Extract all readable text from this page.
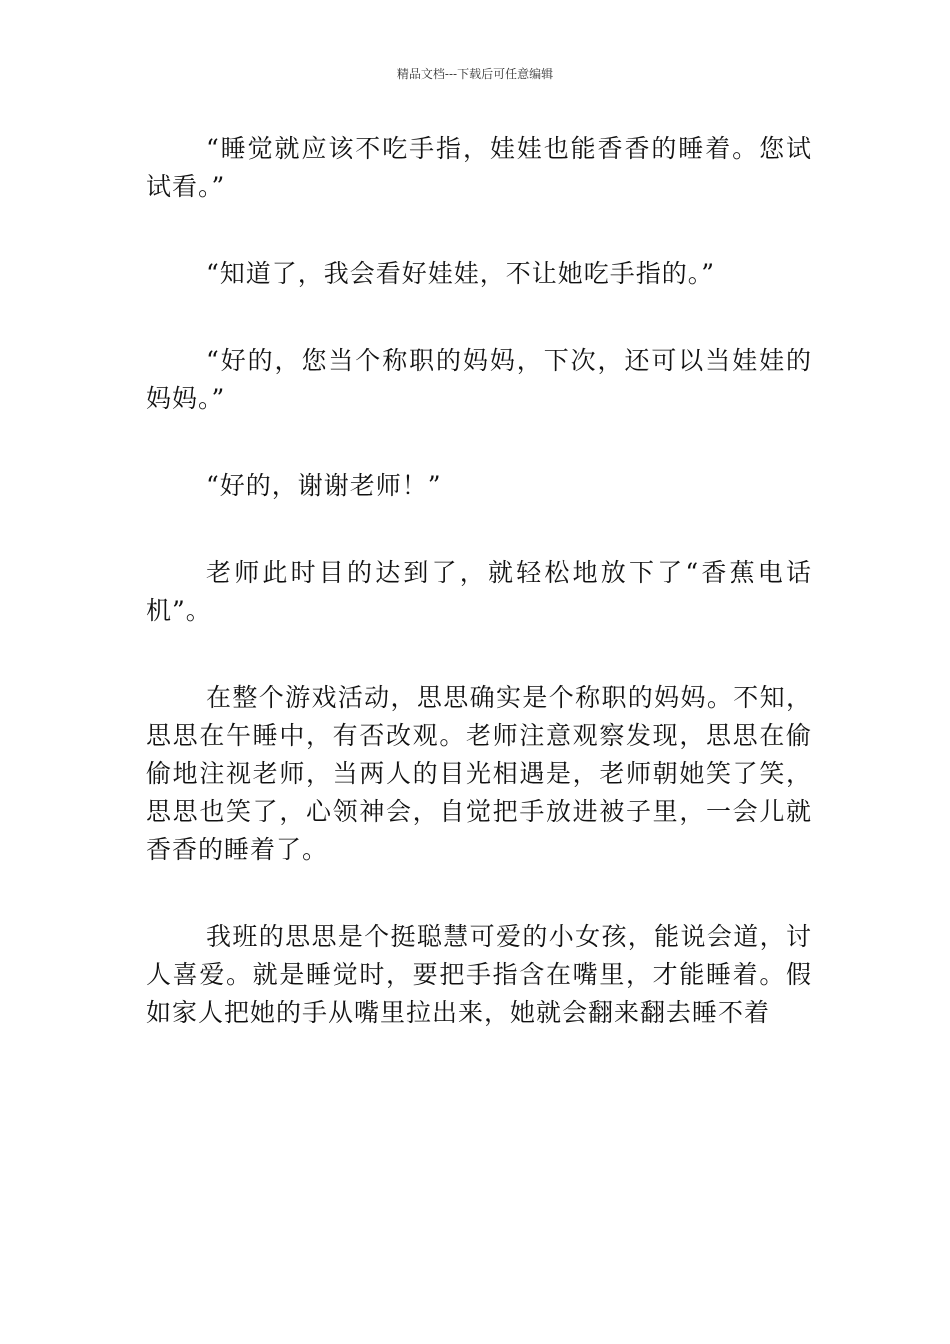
精品文档---下载后可任意编辑

“睡觉就应该不吃手指，娃娃也能香香的睡着。您试试看。”

“知道了，我会看好娃娃，不让她吃手指的。”

“好的，您当个称职的妈妈，下次，还可以当娃娃的妈妈。”

“好的，谢谢老师！”

老师此时目的达到了，就轻松地放下了“香蕉电话机”。

在整个游戏活动，思思确实是个称职的妈妈。不知，思思在午睡中，有否改观。老师注意观察发现，思思在偷偷地注视老师，当两人的目光相遇是，老师朝她笑了笑，思思也笑了，心领神会，自觉把手放进被子里，一会儿就香香的睡着了。

我班的思思是个挺聪慧可爱的小女孩，能说会道，讨人喜爱。就是睡觉时，要把手指含在嘴里，才能睡着。假如家人把她的手从嘴里拉出来，她就会翻来翻去睡不着
